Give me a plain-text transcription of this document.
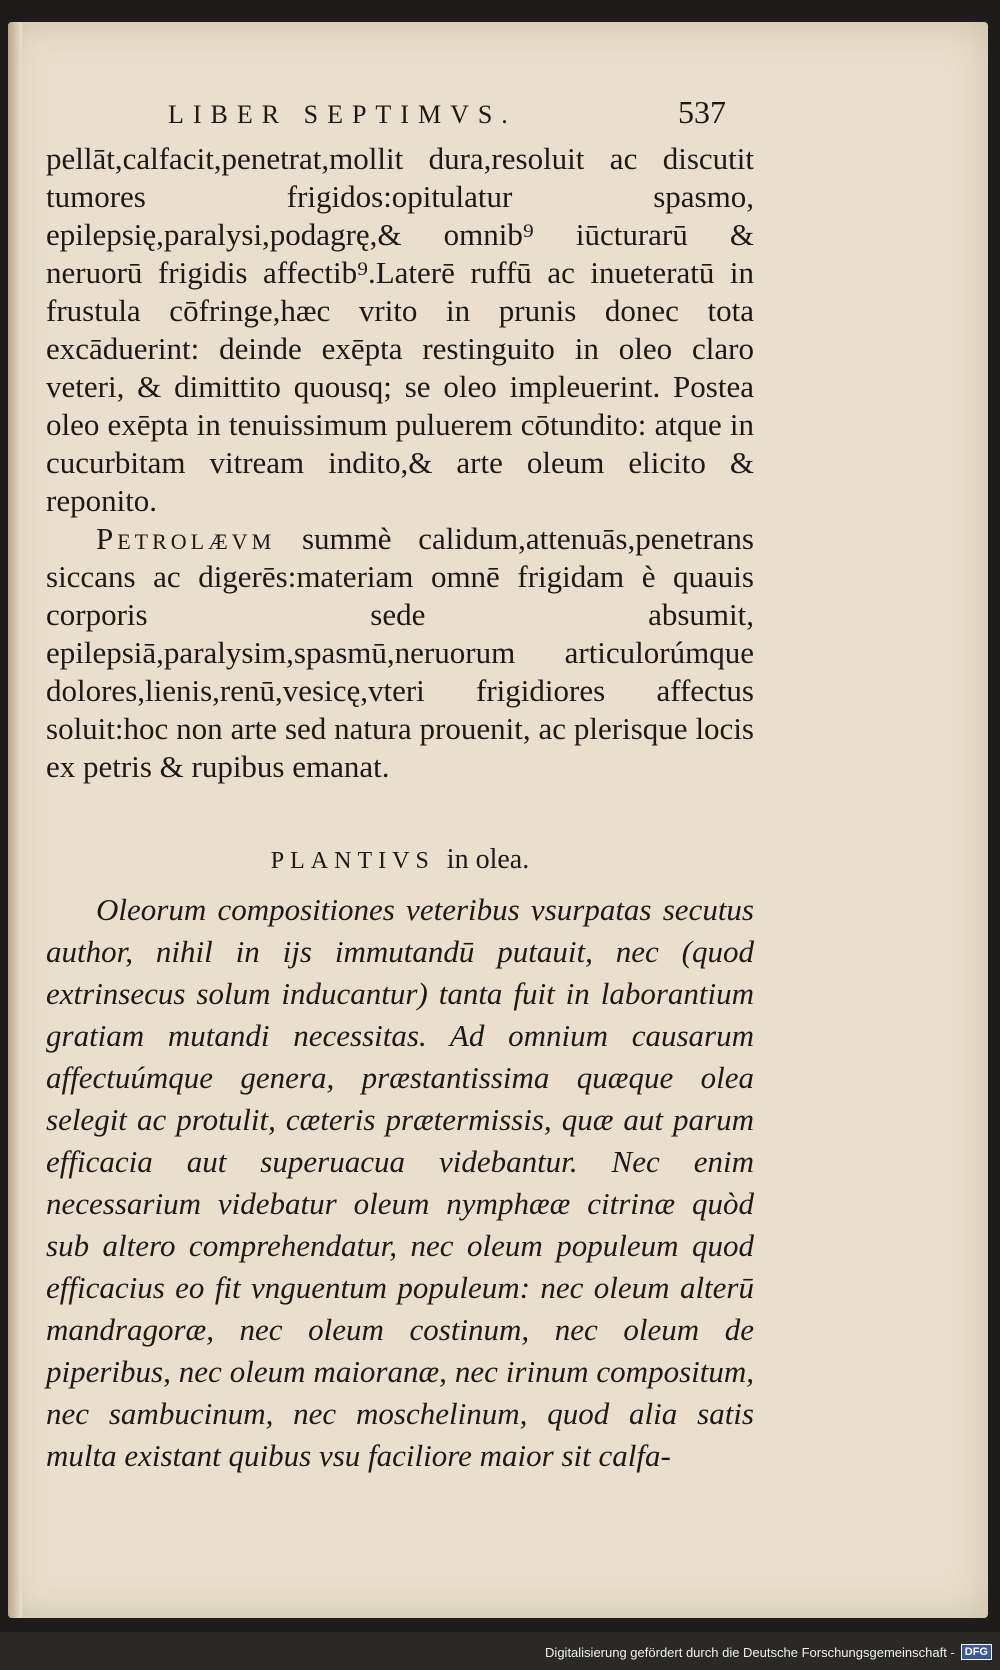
LIBER SEPTIMVS.	537

pellāt,calfacit,penetrat,mollit dura,resoluit ac discutit tumores frigidos:opitulatur spasmo, epilepsię,paralysi,podagrę,& omnib⁹ iūcturarū & neruorū frigidis affectib⁹.Laterē ruffū ac inueteratū in frustula cōfringe,hæc vrito in prunis donec tota excāduerint: deinde exēpta restinguito in oleo claro veteri, & dimittito quousq; se oleo impleuerint. Postea oleo exēpta in tenuissimum puluerem cōtundito: atque in cucurbitam vitream indito,& arte oleum elicito & reponito.

Petrolævm summè calidum,attenuās,penetrans siccans ac digerēs:materiam omnē frigidam è quauis corporis sede absumit, epilepsiā,paralysim,spasmū,neruorum articulorúmque dolores,lienis,renū,vesicę,vteri frigidiores affectus soluit:hoc non arte sed natura prouenit, ac plerisque locis ex petris & rupibus emanat.

PLANTIVS in olea.

Oleorum compositiones veteribus vsurpatas secutus author, nihil in ijs immutandū putauit, nec (quod extrinsecus solum inducantur) tanta fuit in laborantium gratiam mutandi necessitas. Ad omnium causarum affectuúmque genera, præstantissima quæque olea selegit ac protulit, cæteris prætermissis, quæ aut parum efficacia aut superuacua videbantur. Nec enim necessarium videbatur oleum nymphææ citrinæ quòd sub altero comprehendatur, nec oleum populeum quod efficacius eo fit vnguentum populeum: nec oleum alterū mandragoræ, nec oleum costinum, nec oleum de piperibus, nec oleum maioranæ, nec irinum compositum, nec sambucinum, nec moschelinum, quod alia satis multa existant quibus vsu faciliore maior sit calfa-

Digitalisierung gefördert durch die Deutsche Forschungsgemeinschaft - DFG
